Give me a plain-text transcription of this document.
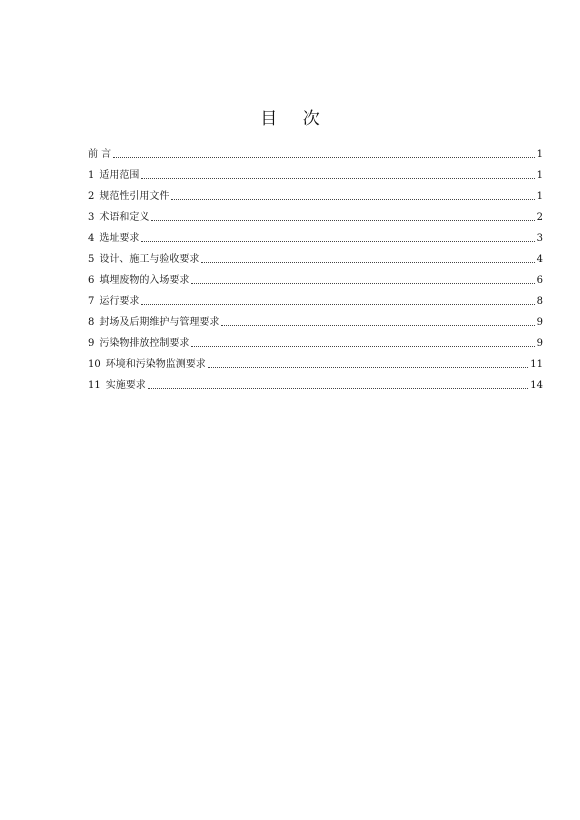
目 次
前 言	1
1 适用范围	1
2 规范性引用文件	1
3 术语和定义	2
4 选址要求	3
5 设计、施工与验收要求	4
6 填埋废物的入场要求	6
7 运行要求	8
8 封场及后期维护与管理要求	9
9 污染物排放控制要求	9
10 环境和污染物监测要求	11
11 实施要求	14
